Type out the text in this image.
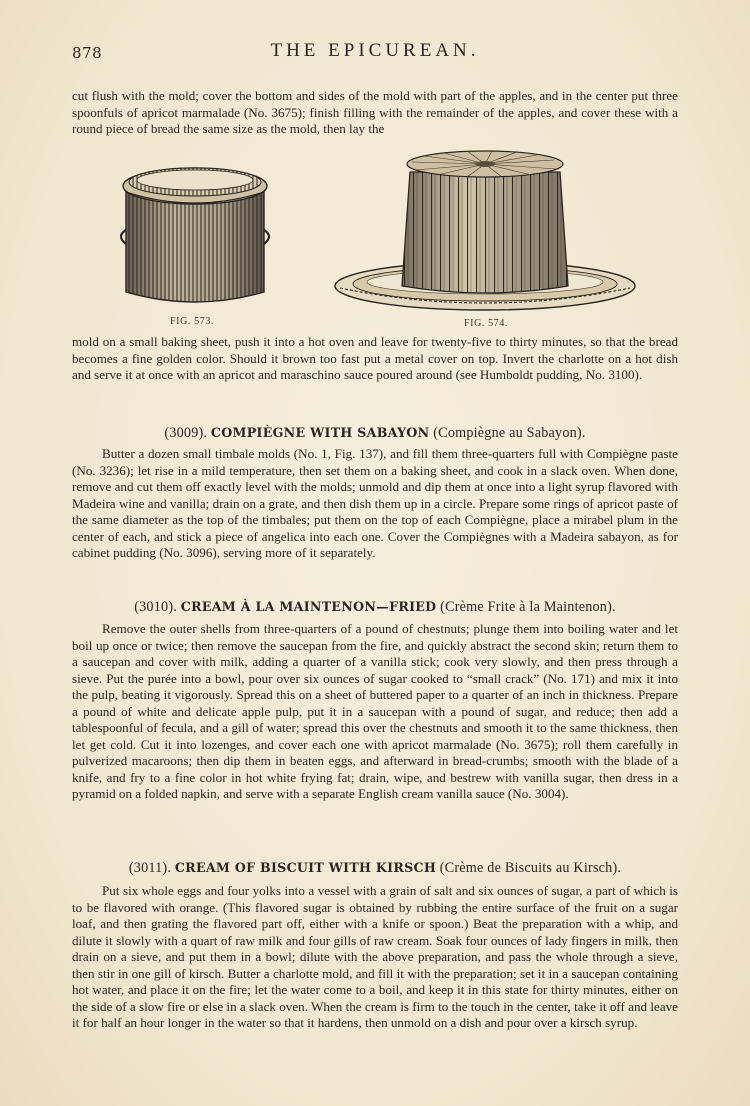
878	THE EPICUREAN.

cut flush with the mold; cover the bottom and sides of the mold with part of the apples, and in the center put three spoonfuls of apricot marmalade (No. 3675); finish filling with the remainder of the apples, and cover these with a round piece of bread the same size as the mold, then lay the

FIG. 573.	FIG. 574.

mold on a small baking sheet, push it into a hot oven and leave for twenty-five to thirty minutes, so that the bread becomes a fine golden color. Should it brown too fast put a metal cover on top. Invert the charlotte on a hot dish and serve it at once with an apricot and maraschino sauce poured around (see Humboldt pudding, No. 3100).

(3009). COMPIÈGNE WITH SABAYON (Compiègne au Sabayon).

Butter a dozen small timbale molds (No. 1, Fig. 137), and fill them three-quarters full with Compiègne paste (No. 3236); let rise in a mild temperature, then set them on a baking sheet, and cook in a slack oven. When done, remove and cut them off exactly level with the molds; unmold and dip them at once into a light syrup flavored with Madeira wine and vanilla; drain on a grate, and then dish them up in a circle. Prepare some rings of apricot paste of the same diameter as the top of the timbales; put them on the top of each Compiègne, place a mirabel plum in the center of each, and stick a piece of angelica into each one. Cover the Compiègnes with a Madeira sabayon, as for cabinet pudding (No. 3096), serving more of it separately.

(3010). CREAM À LA MAINTENON—FRIED (Crème Frite à la Maintenon).

Remove the outer shells from three-quarters of a pound of chestnuts; plunge them into boiling water and let boil up once or twice; then remove the saucepan from the fire, and quickly abstract the second skin; return them to a saucepan and cover with milk, adding a quarter of a vanilla stick; cook very slowly, and then press through a sieve. Put the purée into a bowl, pour over six ounces of sugar cooked to “small crack” (No. 171) and mix it into the pulp, beating it vigorously. Spread this on a sheet of buttered paper to a quarter of an inch in thickness. Prepare a pound of white and delicate apple pulp, put it in a saucepan with a pound of sugar, and reduce; then add a tablespoonful of fecula, and a gill of water; spread this over the chestnuts and smooth it to the same thickness, then let get cold. Cut it into lozenges, and cover each one with apricot marmalade (No. 3675); roll them carefully in pulverized macaroons; then dip them in beaten eggs, and afterward in bread-crumbs; smooth with the blade of a knife, and fry to a fine color in hot white frying fat; drain, wipe, and bestrew with vanilla sugar, then dress in a pyramid on a folded napkin, and serve with a separate English cream vanilla sauce (No. 3004).

(3011). CREAM OF BISCUIT WITH KIRSCH (Crème de Biscuits au Kirsch).

Put six whole eggs and four yolks into a vessel with a grain of salt and six ounces of sugar, a part of which is to be flavored with orange. (This flavored sugar is obtained by rubbing the entire surface of the fruit on a sugar loaf, and then grating the flavored part off, either with a knife or spoon.) Beat the preparation with a whip, and dilute it slowly with a quart of raw milk and four gills of raw cream. Soak four ounces of lady fingers in milk, then drain on a sieve, and put them in a bowl; dilute with the above preparation, and pass the whole through a sieve, then stir in one gill of kirsch. Butter a charlotte mold, and fill it with the preparation; set it in a saucepan containing hot water, and place it on the fire; let the water come to a boil, and keep it in this state for thirty minutes, either on the side of a slow fire or else in a slack oven. When the cream is firm to the touch in the center, take it off and leave it for half an hour longer in the water so that it hardens, then unmold on a dish and pour over a kirsch syrup.
